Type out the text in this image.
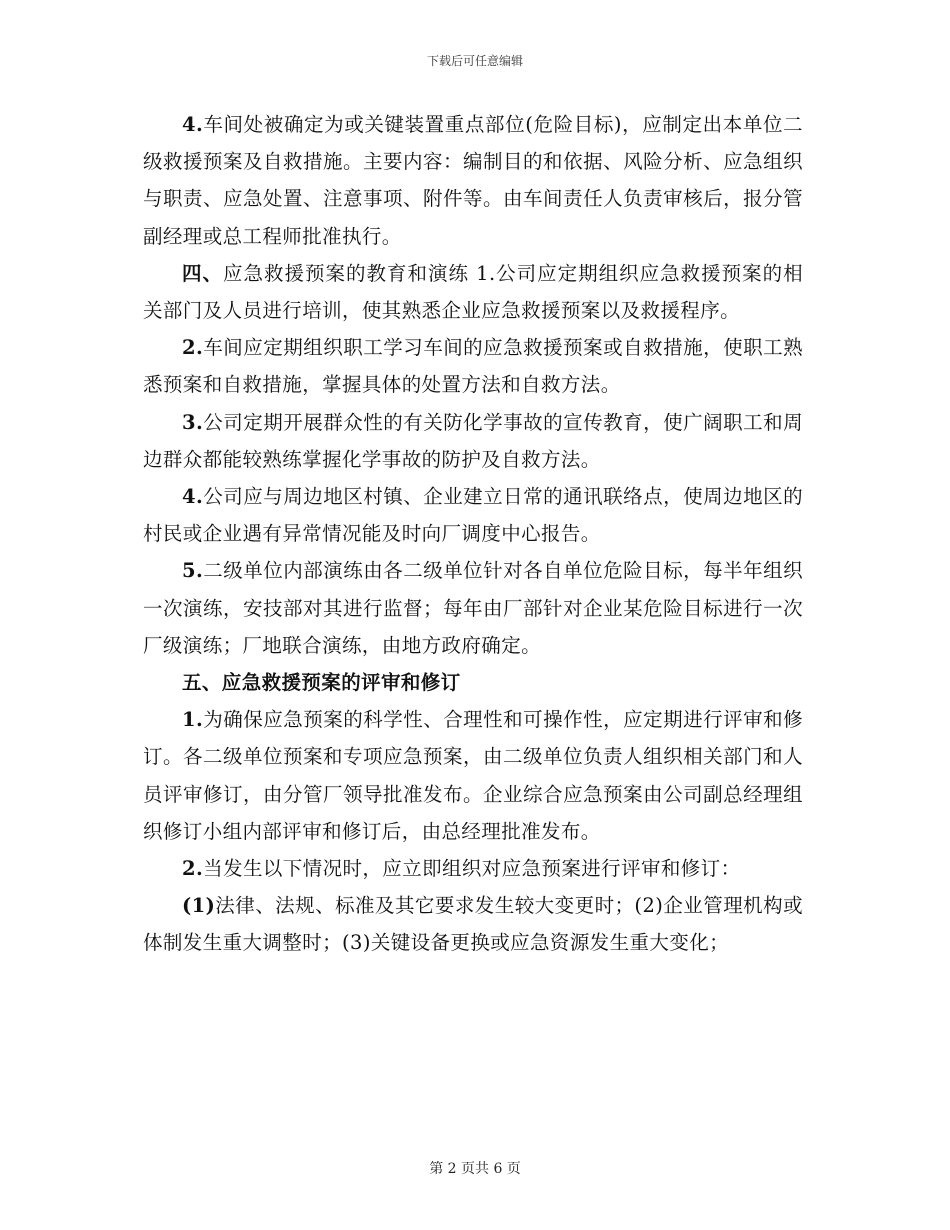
下载后可任意编辑

4.车间处被确定为或关键装置重点部位(危险目标)，应制定出本单位二级救援预案及自救措施。主要内容：编制目的和依据、风险分析、应急组织与职责、应急处置、注意事项、附件等。由车间责任人负责审核后，报分管副经理或总工程师批准执行。

四、应急救援预案的教育和演练 1.公司应定期组织应急救援预案的相关部门及人员进行培训，使其熟悉企业应急救援预案以及救援程序。

2.车间应定期组织职工学习车间的应急救援预案或自救措施，使职工熟悉预案和自救措施，掌握具体的处置方法和自救方法。

3.公司定期开展群众性的有关防化学事故的宣传教育，使广阔职工和周边群众都能较熟练掌握化学事故的防护及自救方法。

4.公司应与周边地区村镇、企业建立日常的通讯联络点，使周边地区的村民或企业遇有异常情况能及时向厂调度中心报告。

5.二级单位内部演练由各二级单位针对各自单位危险目标，每半年组织一次演练，安技部对其进行监督；每年由厂部针对企业某危险目标进行一次厂级演练；厂地联合演练，由地方政府确定。

五、应急救援预案的评审和修订

1.为确保应急预案的科学性、合理性和可操作性，应定期进行评审和修订。各二级单位预案和专项应急预案，由二级单位负责人组织相关部门和人员评审修订，由分管厂领导批准发布。企业综合应急预案由公司副总经理组织修订小组内部评审和修订后，由总经理批准发布。

2.当发生以下情况时，应立即组织对应急预案进行评审和修订：

(1)法律、法规、标准及其它要求发生较大变更时；(2)企业管理机构或体制发生重大调整时；(3)关键设备更换或应急资源发生重大变化；

第 2 页共 6 页
